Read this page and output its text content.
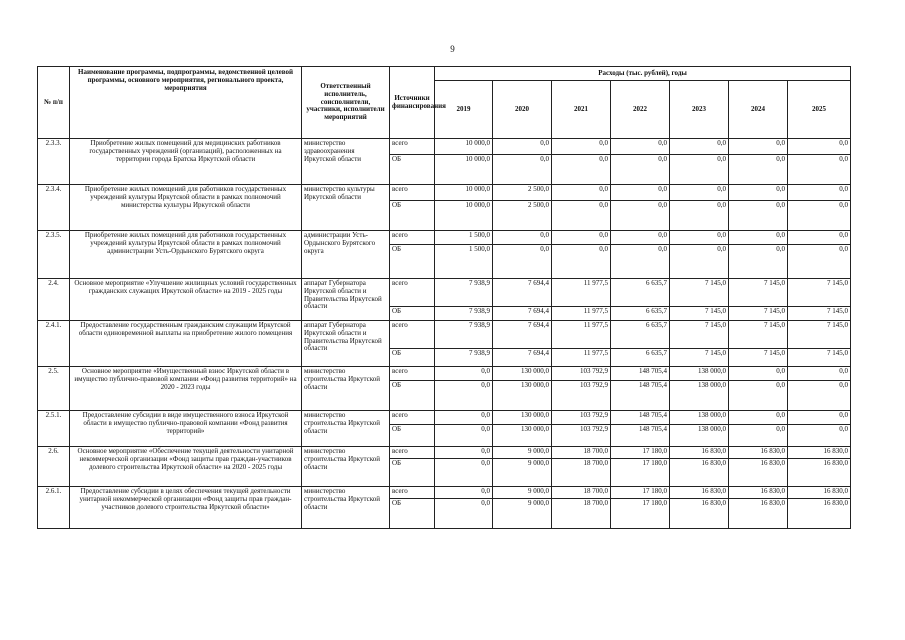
9
№ п/п	Наименование программы, подпрограммы, ведомственной целевой программы, основного мероприятия, регионального проекта, мероприятия	Ответственный исполнитель, соисполнители, участники, исполнители мероприятий	Источники финансирования	Расходы (тыс. рублей), годы						
				2019	2020	2021	2022	2023	2024	2025
2.3.3.	Приобретение жилых помещений для медицинских работников государственных учреждений (организаций), расположенных на территории города Братска Иркутской области	министерство здравоохранения Иркутской области	всего	10 000,0	0,0	0,0	0,0	0,0	0,0	0,0
			ОБ	10 000,0	0,0	0,0	0,0	0,0	0,0	0,0
2.3.4.	Приобретение жилых помещений для работников государственных учреждений культуры Иркутской области в рамках полномочий министерства культуры Иркутской области	министерство культуры Иркутской области	всего	10 000,0	2 500,0	0,0	0,0	0,0	0,0	0,0
			ОБ	10 000,0	2 500,0	0,0	0,0	0,0	0,0	0,0
2.3.5.	Приобретение жилых помещений для работников государственных учреждений культуры Иркутской области в рамках полномочий администрации Усть-Ордынского Бурятского округа	администрации Усть-Ордынского Бурятского округа	всего	1 500,0	0,0	0,0	0,0	0,0	0,0	0,0
			ОБ	1 500,0	0,0	0,0	0,0	0,0	0,0	0,0
2.4.	Основное мероприятие «Улучшение жилищных условий государственных гражданских служащих Иркутской области» на 2019 - 2025 годы	аппарат Губернатора Иркутской области и Правительства Иркутской области	всего	7 938,9	7 694,4	11 977,5	6 635,7	7 145,0	7 145,0	7 145,0
			ОБ	7 938,9	7 694,4	11 977,5	6 635,7	7 145,0	7 145,0	7 145,0
2.4.1.	Предоставление государственным гражданским служащим Иркутской области единовременной выплаты на приобретение жилого помещения	аппарат Губернатора Иркутской области и Правительства Иркутской области	всего	7 938,9	7 694,4	11 977,5	6 635,7	7 145,0	7 145,0	7 145,0
			ОБ	7 938,9	7 694,4	11 977,5	6 635,7	7 145,0	7 145,0	7 145,0
2.5.	Основное мероприятие «Имущественный взнос Иркутской области в имущество публично-правовой компании «Фонд развития территорий» на 2020 - 2023 годы	министерство строительства Иркутской области	всего	0,0	130 000,0	103 792,9	148 705,4	138 000,0	0,0	0,0
			ОБ	0,0	130 000,0	103 792,9	148 705,4	138 000,0	0,0	0,0
2.5.1.	Предоставление субсидии в виде имущественного взноса Иркутской области в имущество публично-правовой компании «Фонд развития территорий»	министерство строительства Иркутской области	всего	0,0	130 000,0	103 792,9	148 705,4	138 000,0	0,0	0,0
			ОБ	0,0	130 000,0	103 792,9	148 705,4	138 000,0	0,0	0,0
2.6.	Основное мероприятие «Обеспечение текущей деятельности унитарной некоммерческой организации «Фонд защиты прав граждан-участников долевого строительства Иркутской области» на 2020 - 2025 годы	министерство строительства Иркутской области	всего	0,0	9 000,0	18 700,0	17 180,0	16 830,0	16 830,0	16 830,0
			ОБ	0,0	9 000,0	18 700,0	17 180,0	16 830,0	16 830,0	16 830,0
2.6.1.	Предоставление субсидии в целях обеспечения текущей деятельности унитарной некоммерческой организации «Фонд защиты прав граждан-участников долевого строительства Иркутской области»	министерство строительства Иркутской области	всего	0,0	9 000,0	18 700,0	17 180,0	16 830,0	16 830,0	16 830,0
			ОБ	0,0	9 000,0	18 700,0	17 180,0	16 830,0	16 830,0	16 830,0
